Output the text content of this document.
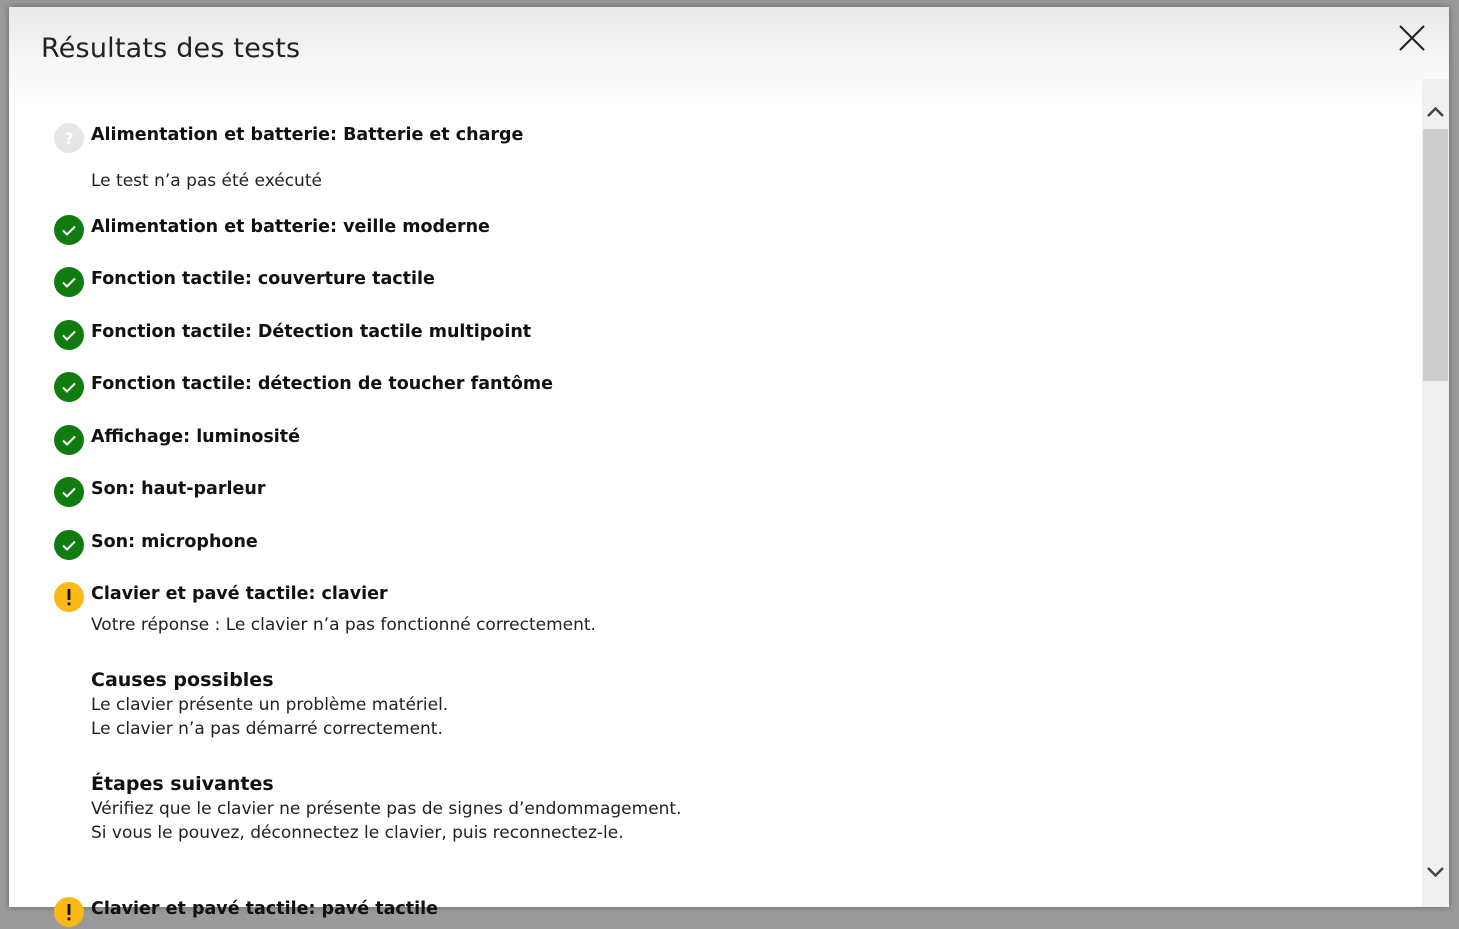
Résultats des tests
? Alimentation et batterie: Batterie et charge
Le test n’a pas été exécuté
Alimentation et batterie: veille moderne
Fonction tactile: couverture tactile
Fonction tactile: Détection tactile multipoint
Fonction tactile: détection de toucher fantôme
Affichage: luminosité
Son: haut-parleur
Son: microphone
Clavier et pavé tactile: clavier
Votre réponse : Le clavier n’a pas fonctionné correctement.
Causes possibles
Le clavier présente un problème matériel.
Le clavier n’a pas démarré correctement.
Étapes suivantes
Vérifiez que le clavier ne présente pas de signes d’endommagement.
Si vous le pouvez, déconnectez le clavier, puis reconnectez-le.
Clavier et pavé tactile: pavé tactile
